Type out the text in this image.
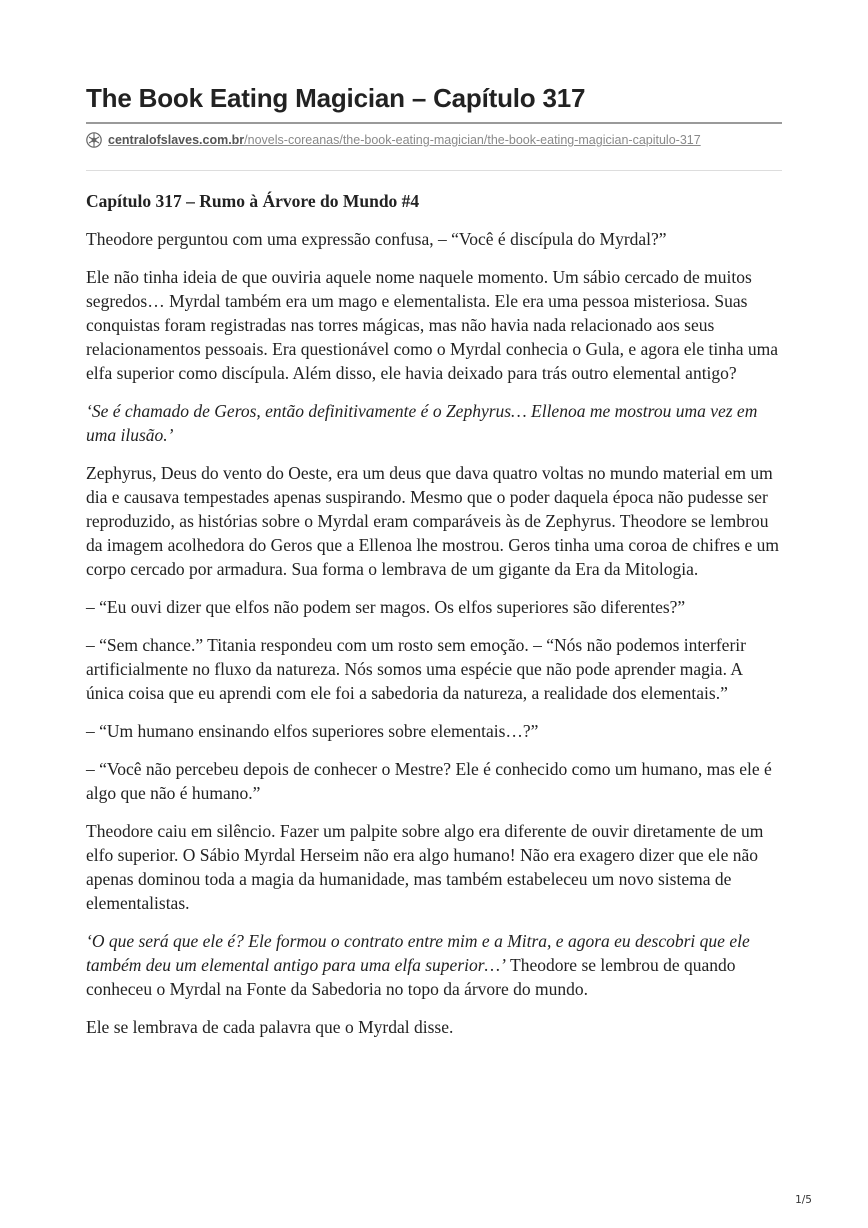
The Book Eating Magician – Capítulo 317
centralofslaves.com.br/novels-coreanas/the-book-eating-magician/the-book-eating-magician-capitulo-317
Capítulo 317 – Rumo à Árvore do Mundo #4

Theodore perguntou com uma expressão confusa, – “Você é discípula do Myrdal?”

Ele não tinha ideia de que ouviria aquele nome naquele momento. Um sábio cercado de muitos segredos… Myrdal também era um mago e elementalista. Ele era uma pessoa misteriosa. Suas conquistas foram registradas nas torres mágicas, mas não havia nada relacionado aos seus relacionamentos pessoais. Era questionável como o Myrdal conhecia o Gula, e agora ele tinha uma elfa superior como discípula. Além disso, ele havia deixado para trás outro elemental antigo?

‘Se é chamado de Geros, então definitivamente é o Zephyrus… Ellenoa me mostrou uma vez em uma ilusão.’

Zephyrus, Deus do vento do Oeste, era um deus que dava quatro voltas no mundo material em um dia e causava tempestades apenas suspirando. Mesmo que o poder daquela época não pudesse ser reproduzido, as histórias sobre o Myrdal eram comparáveis às de Zephyrus. Theodore se lembrou da imagem acolhedora do Geros que a Ellenoa lhe mostrou. Geros tinha uma coroa de chifres e um corpo cercado por armadura. Sua forma o lembrava de um gigante da Era da Mitologia.

– “Eu ouvi dizer que elfos não podem ser magos. Os elfos superiores são diferentes?”

– “Sem chance.” Titania respondeu com um rosto sem emoção. – “Nós não podemos interferir artificialmente no fluxo da natureza. Nós somos uma espécie que não pode aprender magia. A única coisa que eu aprendi com ele foi a sabedoria da natureza, a realidade dos elementais.”

– “Um humano ensinando elfos superiores sobre elementais…?”

– “Você não percebeu depois de conhecer o Mestre? Ele é conhecido como um humano, mas ele é algo que não é humano.”

Theodore caiu em silêncio. Fazer um palpite sobre algo era diferente de ouvir diretamente de um elfo superior. O Sábio Myrdal Herseim não era algo humano! Não era exagero dizer que ele não apenas dominou toda a magia da humanidade, mas também estabeleceu um novo sistema de elementalistas.

‘O que será que ele é? Ele formou o contrato entre mim e a Mitra, e agora eu descobri que ele também deu um elemental antigo para uma elfa superior…’ Theodore se lembrou de quando conheceu o Myrdal na Fonte da Sabedoria no topo da árvore do mundo.

Ele se lembrava de cada palavra que o Myrdal disse.

1/5
